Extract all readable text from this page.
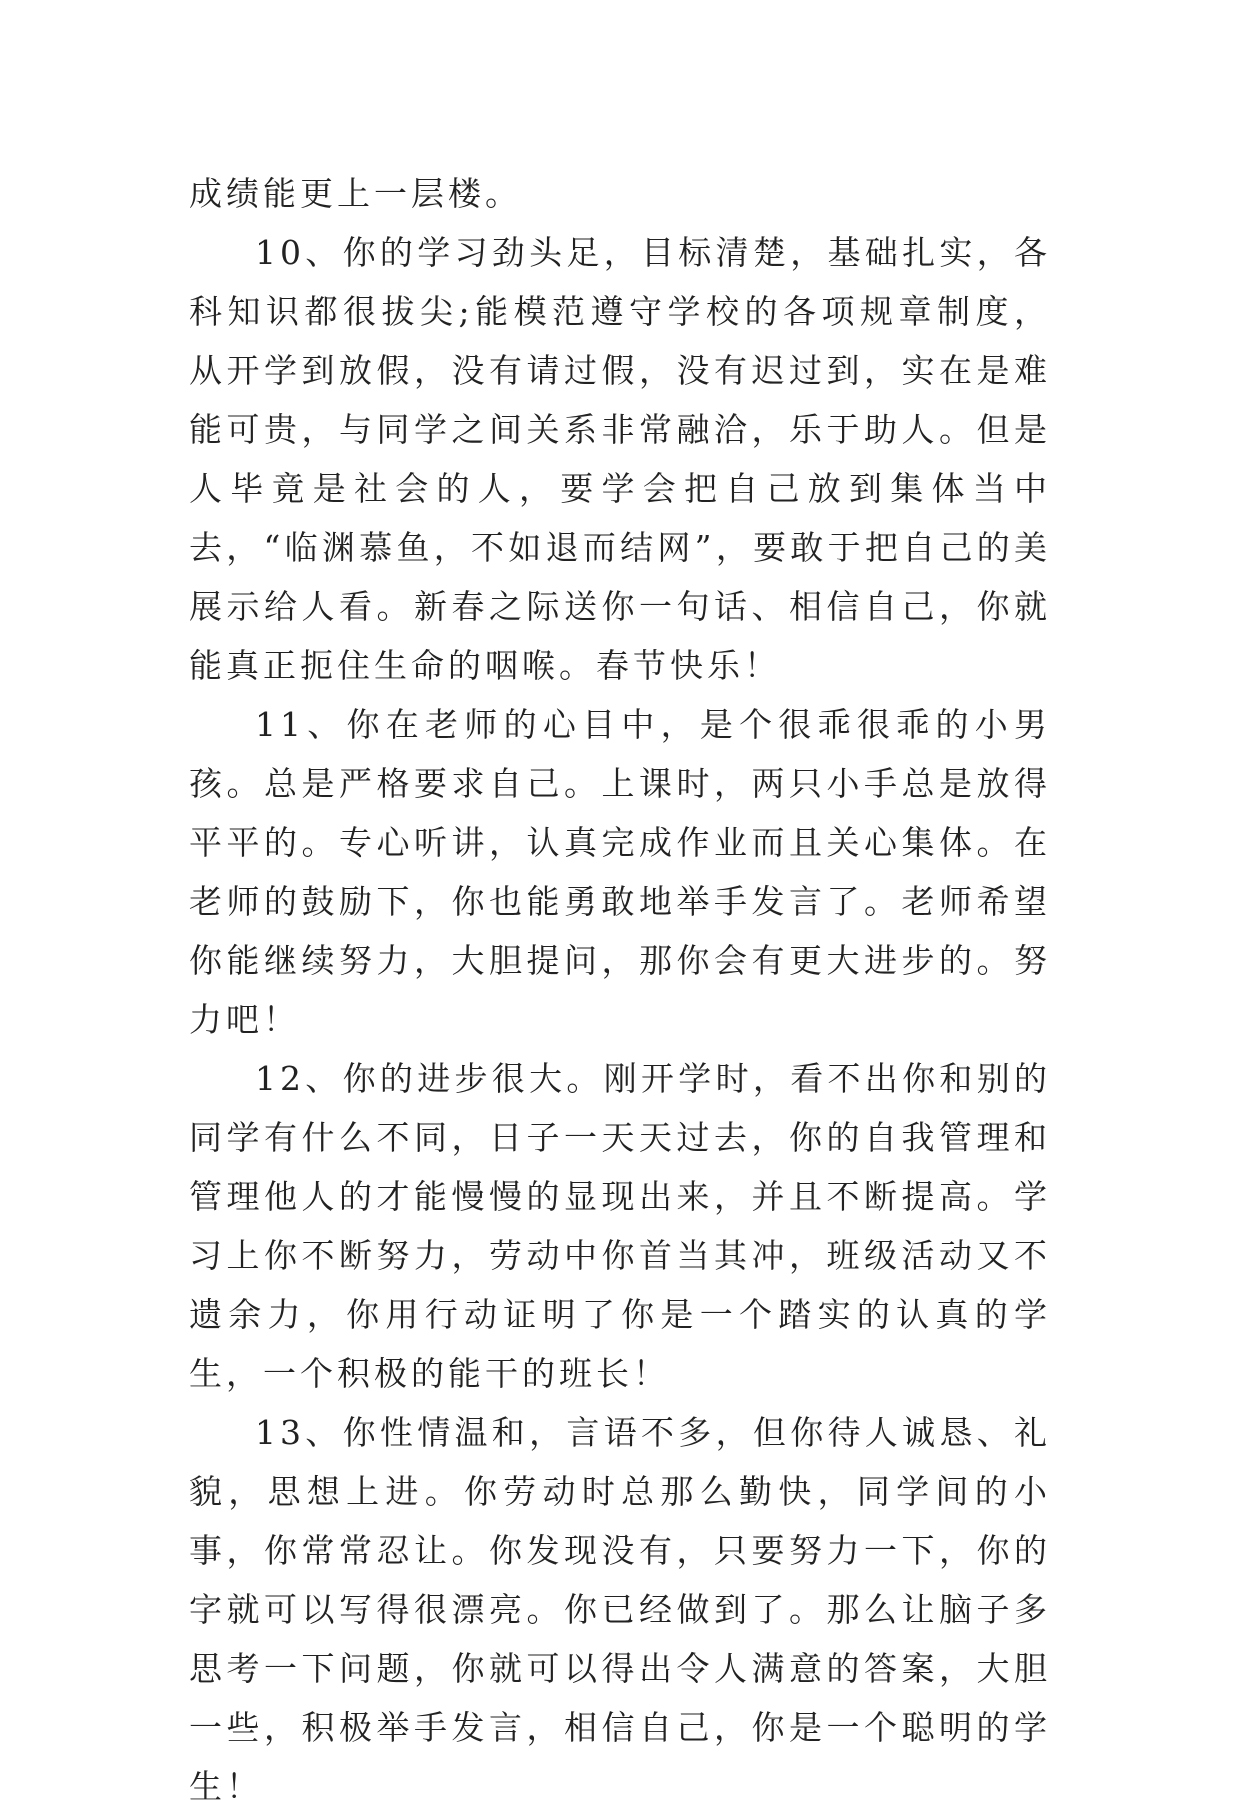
成绩能更上一层楼。

10、你的学习劲头足，目标清楚，基础扎实，各科知识都很拔尖;能模范遵守学校的各项规章制度，从开学到放假，没有请过假，没有迟过到，实在是难能可贵，与同学之间关系非常融洽，乐于助人。但是人毕竟是社会的人，要学会把自己放到集体当中去，“临渊慕鱼，不如退而结网”，要敢于把自己的美展示给人看。新春之际送你一句话、相信自己，你就能真正扼住生命的咽喉。春节快乐！

11、你在老师的心目中，是个很乖很乖的小男孩。总是严格要求自己。上课时，两只小手总是放得平平的。专心听讲，认真完成作业而且关心集体。在老师的鼓励下，你也能勇敢地举手发言了。老师希望你能继续努力，大胆提问，那你会有更大进步的。努力吧！

12、你的进步很大。刚开学时，看不出你和别的同学有什么不同，日子一天天过去，你的自我管理和管理他人的才能慢慢的显现出来，并且不断提高。学习上你不断努力，劳动中你首当其冲，班级活动又不遗余力，你用行动证明了你是一个踏实的认真的学生，一个积极的能干的班长！

13、你性情温和，言语不多，但你待人诚恳、礼貌，思想上进。你劳动时总那么勤快，同学间的小事，你常常忍让。你发现没有，只要努力一下，你的字就可以写得很漂亮。你已经做到了。那么让脑子多思考一下问题，你就可以得出令人满意的答案，大胆一些，积极举手发言，相信自己，你是一个聪明的学生！
